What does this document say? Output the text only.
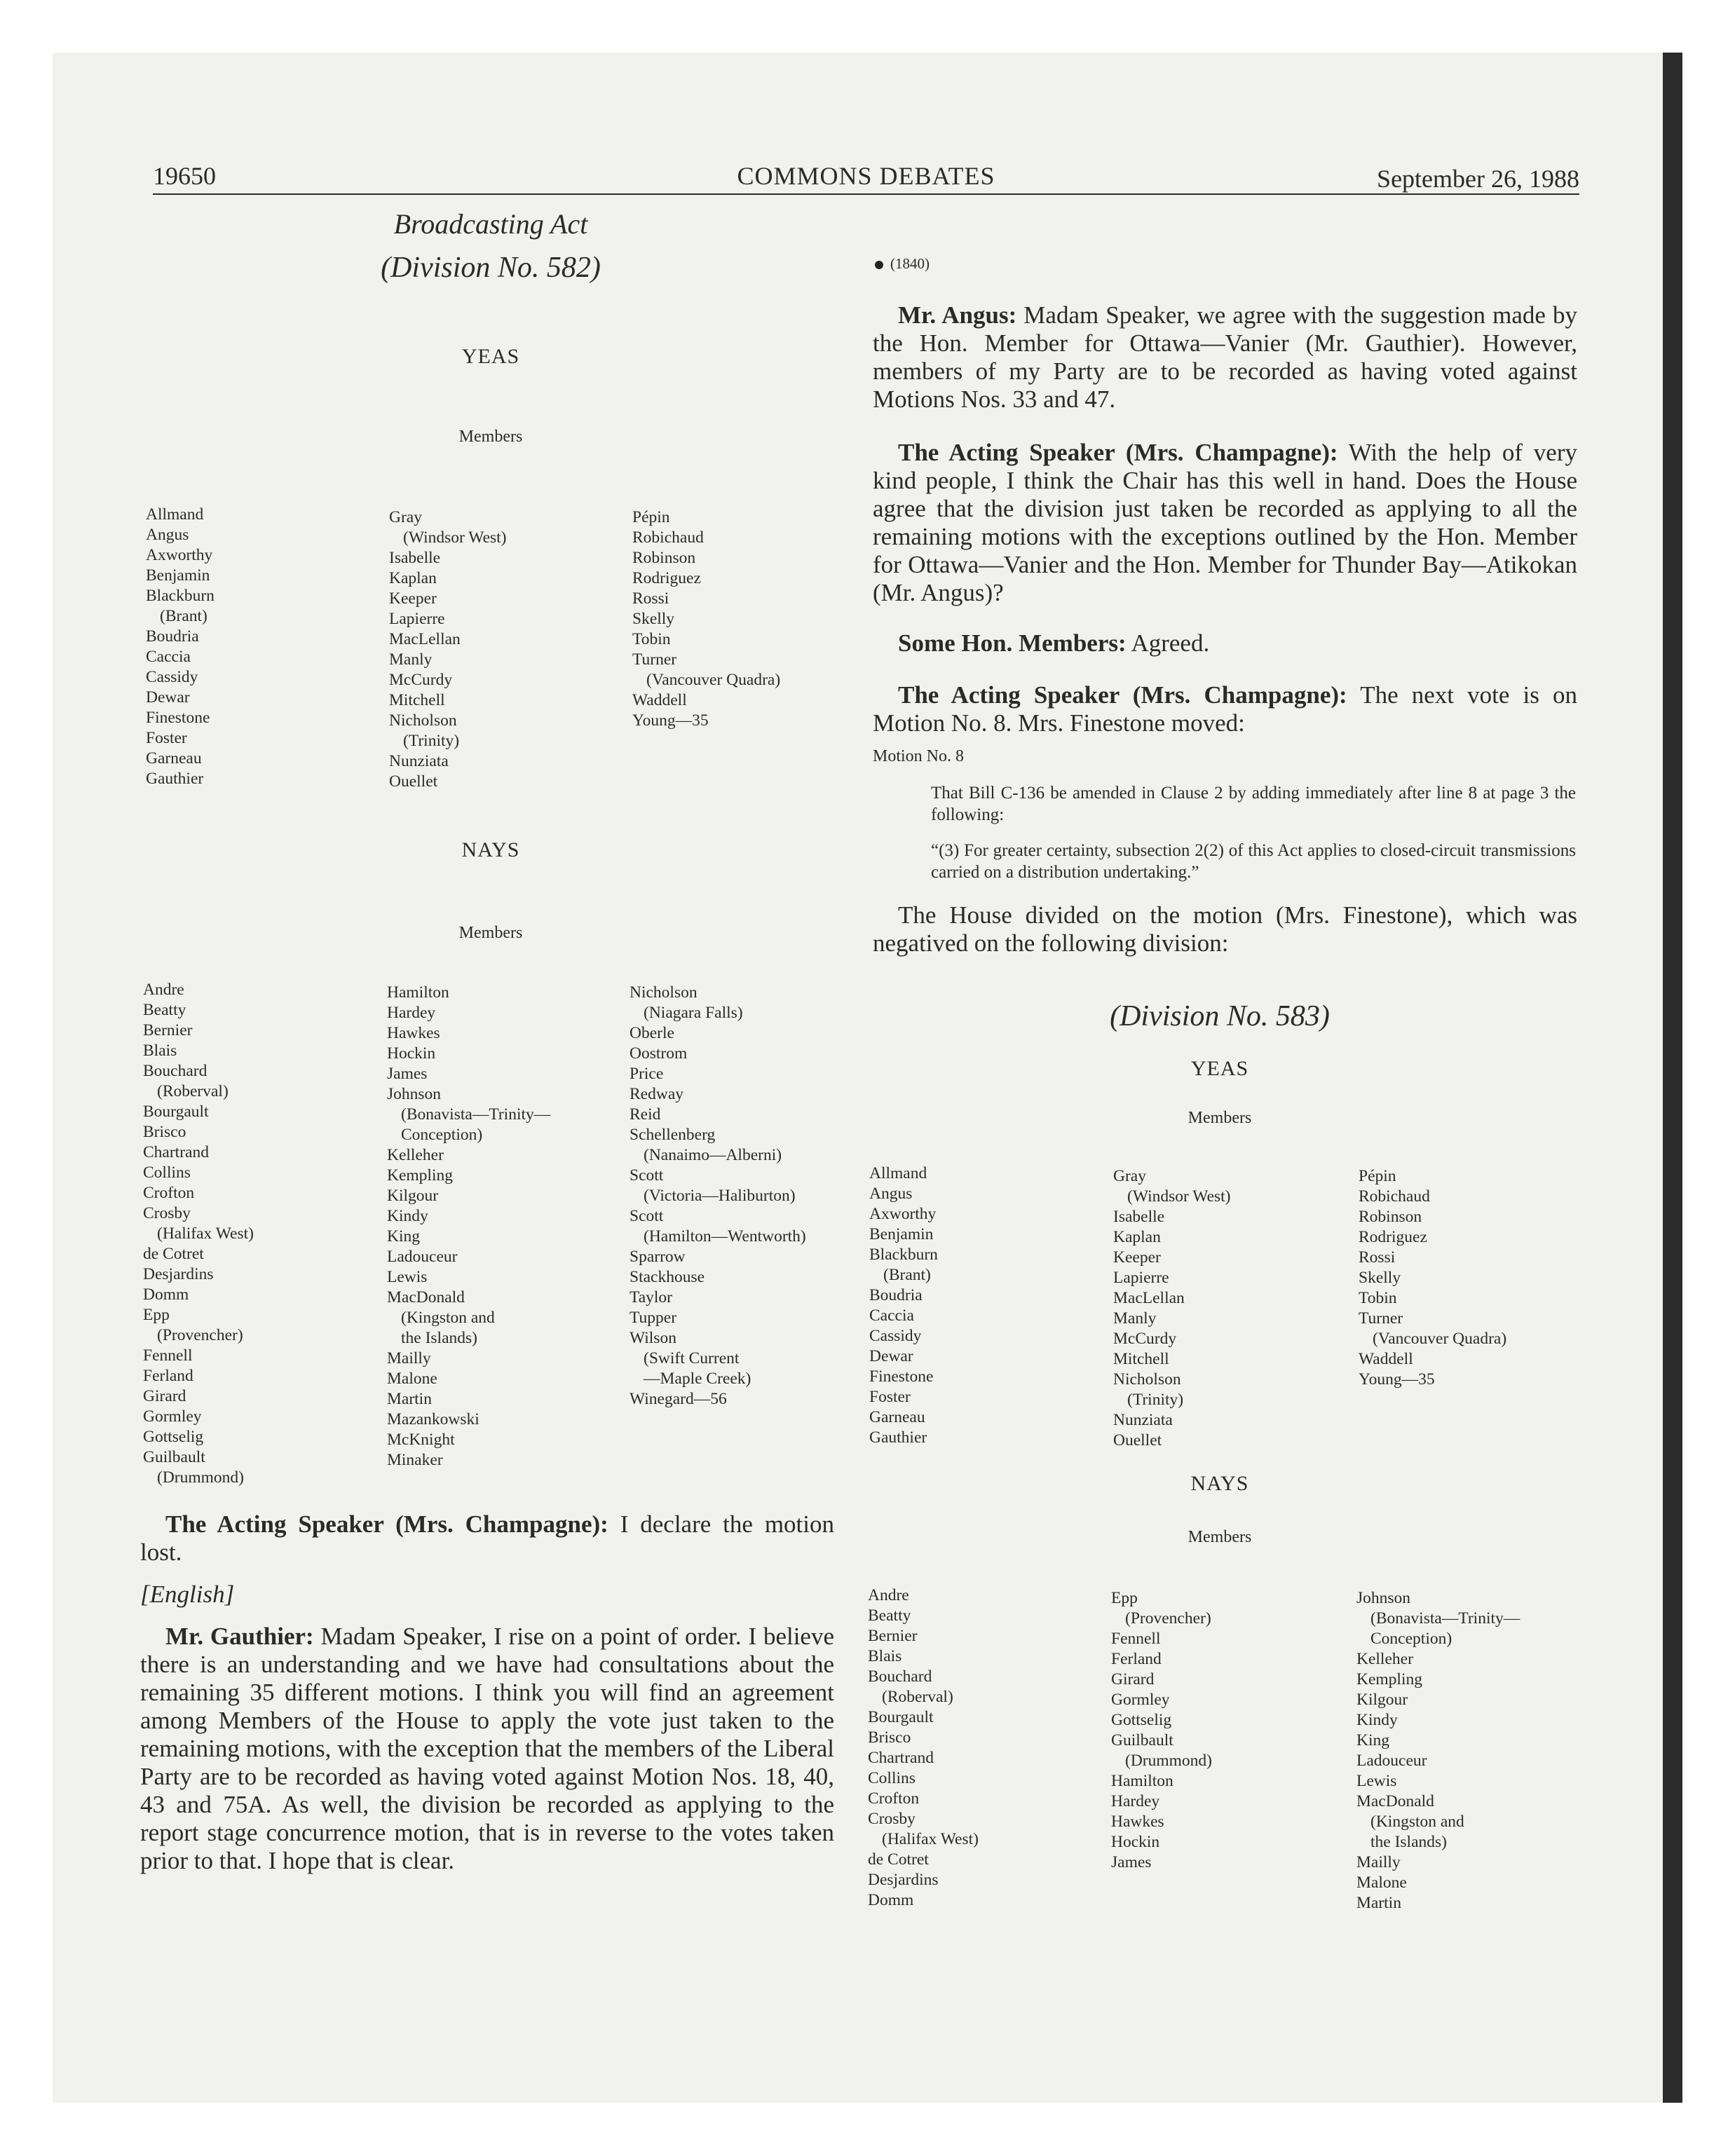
19650	COMMONS DEBATES	September 26, 1988
Broadcasting Act
(Division No. 582)
YEAS
Members
Allmand
Angus
Axworthy
Benjamin
Blackburn
(Brant)
Boudria
Caccia
Cassidy
Dewar
Finestone
Foster
Garneau
Gauthier
Gray
(Windsor West)
Isabelle
Kaplan
Keeper
Lapierre
MacLellan
Manly
McCurdy
Mitchell
Nicholson
(Trinity)
Nunziata
Ouellet
Pépin
Robichaud
Robinson
Rodriguez
Rossi
Skelly
Tobin
Turner
(Vancouver Quadra)
Waddell
Young—35
NAYS
Members
Andre
Beatty
Bernier
Blais
Bouchard
(Roberval)
Bourgault
Brisco
Chartrand
Collins
Crofton
Crosby
(Halifax West)
de Cotret
Desjardins
Domm
Epp
(Provencher)
Fennell
Ferland
Girard
Gormley
Gottselig
Guilbault
(Drummond)
Hamilton
Hardey
Hawkes
Hockin
James
Johnson
(Bonavista—Trinity—
Conception)
Kelleher
Kempling
Kilgour
Kindy
King
Ladouceur
Lewis
MacDonald
(Kingston and
the Islands)
Mailly
Malone
Martin
Mazankowski
McKnight
Minaker
Nicholson
(Niagara Falls)
Oberle
Oostrom
Price
Redway
Reid
Schellenberg
(Nanaimo—Alberni)
Scott
(Victoria—Haliburton)
Scott
(Hamilton—Wentworth)
Sparrow
Stackhouse
Taylor
Tupper
Wilson
(Swift Current
—Maple Creek)
Winegard—56

The Acting Speaker (Mrs. Champagne): I declare the motion lost.

[English]

Mr. Gauthier: Madam Speaker, I rise on a point of order. I believe there is an understanding and we have had consultations about the remaining 35 different motions. I think you will find an agreement among Members of the House to apply the vote just taken to the remaining motions, with the exception that the members of the Liberal Party are to be recorded as having voted against Motion Nos. 18, 40, 43 and 75A. As well, the division be recorded as applying to the report stage concurrence motion, that is in reverse to the votes taken prior to that. I hope that is clear.

(1840)

Mr. Angus: Madam Speaker, we agree with the suggestion made by the Hon. Member for Ottawa—Vanier (Mr. Gauthier). However, members of my Party are to be recorded as having voted against Motions Nos. 33 and 47.

The Acting Speaker (Mrs. Champagne): With the help of very kind people, I think the Chair has this well in hand. Does the House agree that the division just taken be recorded as applying to all the remaining motions with the exceptions outlined by the Hon. Member for Ottawa—Vanier and the Hon. Member for Thunder Bay—Atikokan (Mr. Angus)?

Some Hon. Members: Agreed.

The Acting Speaker (Mrs. Champagne): The next vote is on Motion No. 8. Mrs. Finestone moved:

Motion No. 8

That Bill C-136 be amended in Clause 2 by adding immediately after line 8 at page 3 the following:

“(3) For greater certainty, subsection 2(2) of this Act applies to closed-circuit transmissions carried on a distribution undertaking.”

The House divided on the motion (Mrs. Finestone), which was negatived on the following division:

(Division No. 583)
YEAS
Members
Allmand
Angus
Axworthy
Benjamin
Blackburn
(Brant)
Boudria
Caccia
Cassidy
Dewar
Finestone
Foster
Garneau
Gauthier
Gray
(Windsor West)
Isabelle
Kaplan
Keeper
Lapierre
MacLellan
Manly
McCurdy
Mitchell
Nicholson
(Trinity)
Nunziata
Ouellet
Pépin
Robichaud
Robinson
Rodriguez
Rossi
Skelly
Tobin
Turner
(Vancouver Quadra)
Waddell
Young—35
NAYS
Members
Andre
Beatty
Bernier
Blais
Bouchard
(Roberval)
Bourgault
Brisco
Chartrand
Collins
Crofton
Crosby
(Halifax West)
de Cotret
Desjardins
Domm
Epp
(Provencher)
Fennell
Ferland
Girard
Gormley
Gottselig
Guilbault
(Drummond)
Hamilton
Hardey
Hawkes
Hockin
James
Johnson
(Bonavista—Trinity—
Conception)
Kelleher
Kempling
Kilgour
Kindy
King
Ladouceur
Lewis
MacDonald
(Kingston and
the Islands)
Mailly
Malone
Martin
